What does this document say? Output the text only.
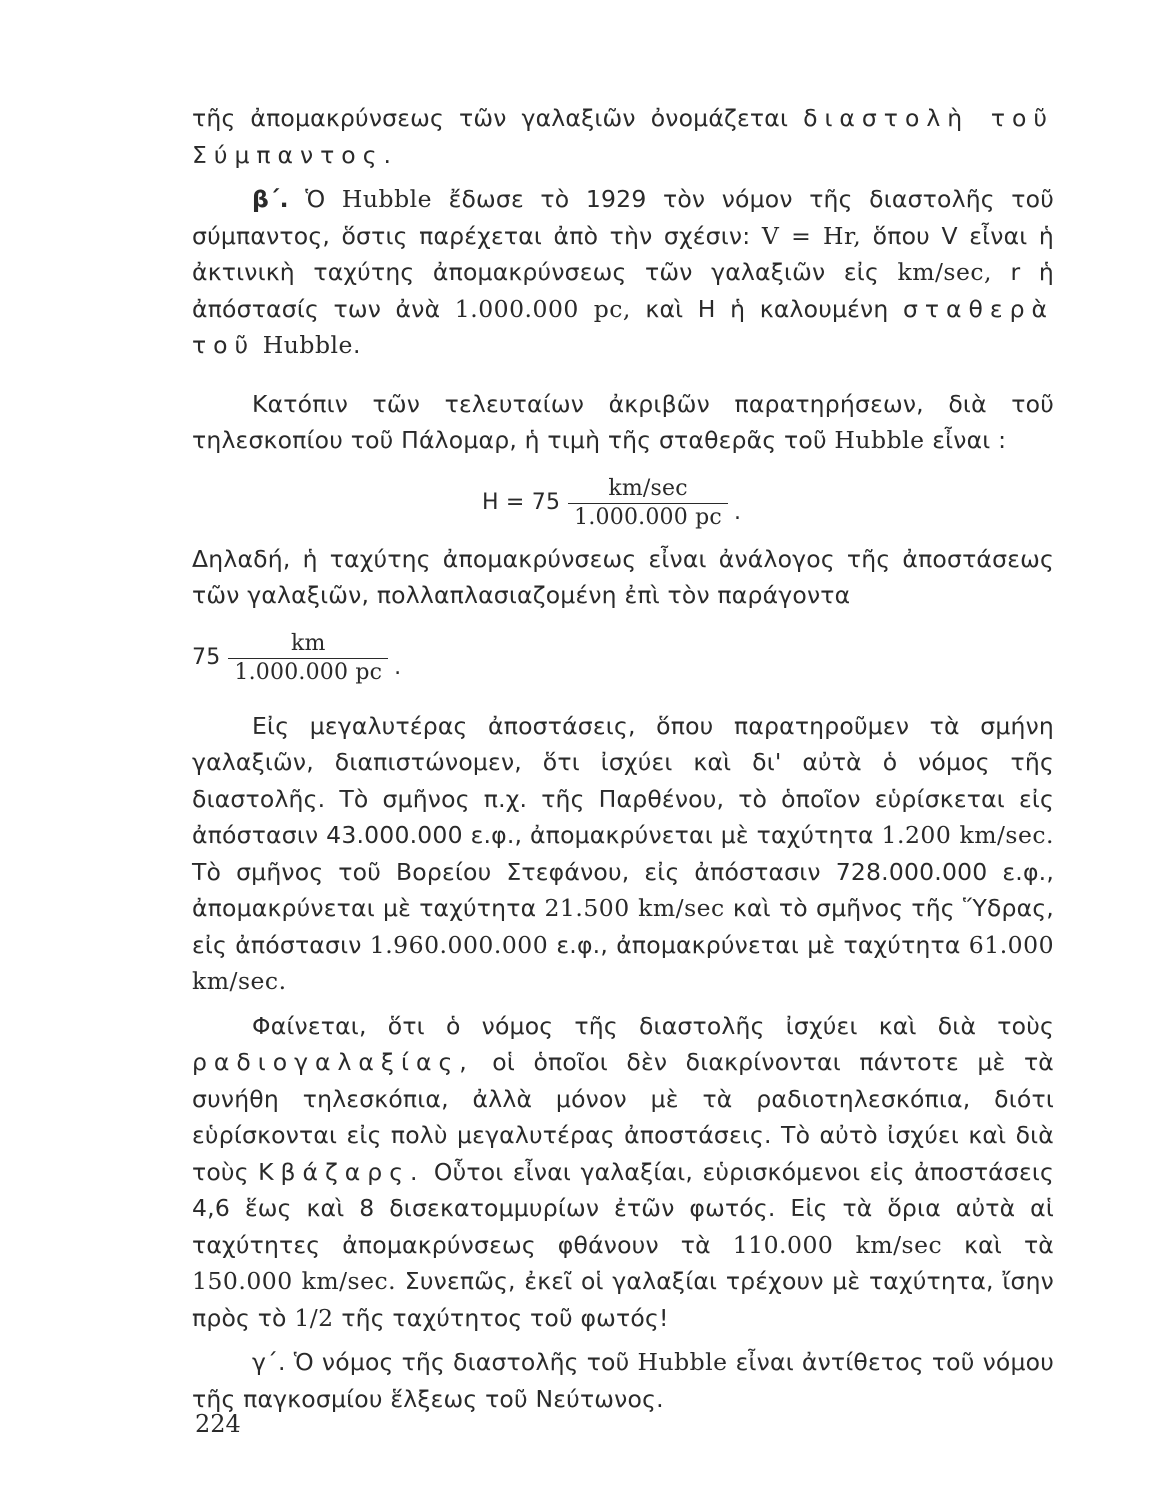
τῆς ἀπομακρύνσεως τῶν γαλαξιῶν ὀνομάζεται διαστολὴ τοῦ Σύμπαντος.

β΄. Ὁ Hubble ἔδωσε τὸ 1929 τὸν νόμον τῆς διαστολῆς τοῦ σύμπαντος, ὅστις παρέχεται ἀπὸ τὴν σχέσιν: V = Hr, ὅπου V εἶναι ἡ ἀκτινικὴ ταχύτης ἀπομακρύνσεως τῶν γαλαξιῶν εἰς km/sec, r ἡ ἀπόστασίς των ἀνὰ 1.000.000 pc, καὶ H ἡ καλουμένη σταθερὰ τοῦ Hubble.

Κατόπιν τῶν τελευταίων ἀκριβῶν παρατηρήσεων, διὰ τοῦ τηλεσκοπίου τοῦ Πάλομαρ, ἡ τιμὴ τῆς σταθερᾶς τοῦ Hubble εἶναι :

$H = 75 \frac{km/\sec}{1.000.000 pc}$ .

Δηλαδή, ἡ ταχύτης ἀπομακρύνσεως εἶναι ἀνάλογος τῆς ἀποστάσεως τῶν γαλαξιῶν, πολλαπλασιαζομένη ἐπὶ τὸν παράγοντα

$75 \frac{km}{1.000.000 pc}$ .

Εἰς μεγαλυτέρας ἀποστάσεις, ὅπου παρατηροῦμεν τὰ σμήνη γαλαξιῶν, διαπιστώνομεν, ὅτι ἰσχύει καὶ δι' αὐτὰ ὁ νόμος τῆς διαστολῆς. Τὸ σμῆνος π.χ. τῆς Παρθένου, τὸ ὁποῖον εὑρίσκεται εἰς ἀπόστασιν 43.000.000 ε.φ., ἀπομακρύνεται μὲ ταχύτητα 1.200 km/sec. Τὸ σμῆνος τοῦ Βορείου Στεφάνου, εἰς ἀπόστασιν 728.000.000 ε.φ., ἀπομακρύνεται μὲ ταχύτητα 21.500 km/sec καὶ τὸ σμῆνος τῆς Ὕδρας, εἰς ἀπόστασιν 1.960.000.000 ε.φ., ἀπομακρύνεται μὲ ταχύτητα 61.000 km/sec.

Φαίνεται, ὅτι ὁ νόμος τῆς διαστολῆς ἰσχύει καὶ διὰ τοὺς ραδιογαλαξίας, οἱ ὁποῖοι δὲν διακρίνονται πάντοτε μὲ τὰ συνήθη τηλεσκόπια, ἀλλὰ μόνον μὲ τὰ ραδιοτηλεσκόπια, διότι εὑρίσκονται εἰς πολὺ μεγαλυτέρας ἀποστάσεις. Τὸ αὐτὸ ἰσχύει καὶ διὰ τοὺς Κβάζαρς. Οὗτοι εἶναι γαλαξίαι, εὑρισκόμενοι εἰς ἀποστάσεις 4,6 ἕως καὶ 8 δισεκατομμυρίων ἐτῶν φωτός. Εἰς τὰ ὅρια αὐτὰ αἱ ταχύτητες ἀπομακρύνσεως φθάνουν τὰ 110.000 km/sec καὶ τὰ 150.000 km/sec. Συνεπῶς, ἐκεῖ οἱ γαλαξίαι τρέχουν μὲ ταχύτητα, ἴσην πρὸς τὸ 1/2 τῆς ταχύτητος τοῦ φωτός!

γ΄. Ὁ νόμος τῆς διαστολῆς τοῦ Hubble εἶναι ἀντίθετος τοῦ νόμου τῆς παγκοσμίου ἕλξεως τοῦ Νεύτωνος.

224
